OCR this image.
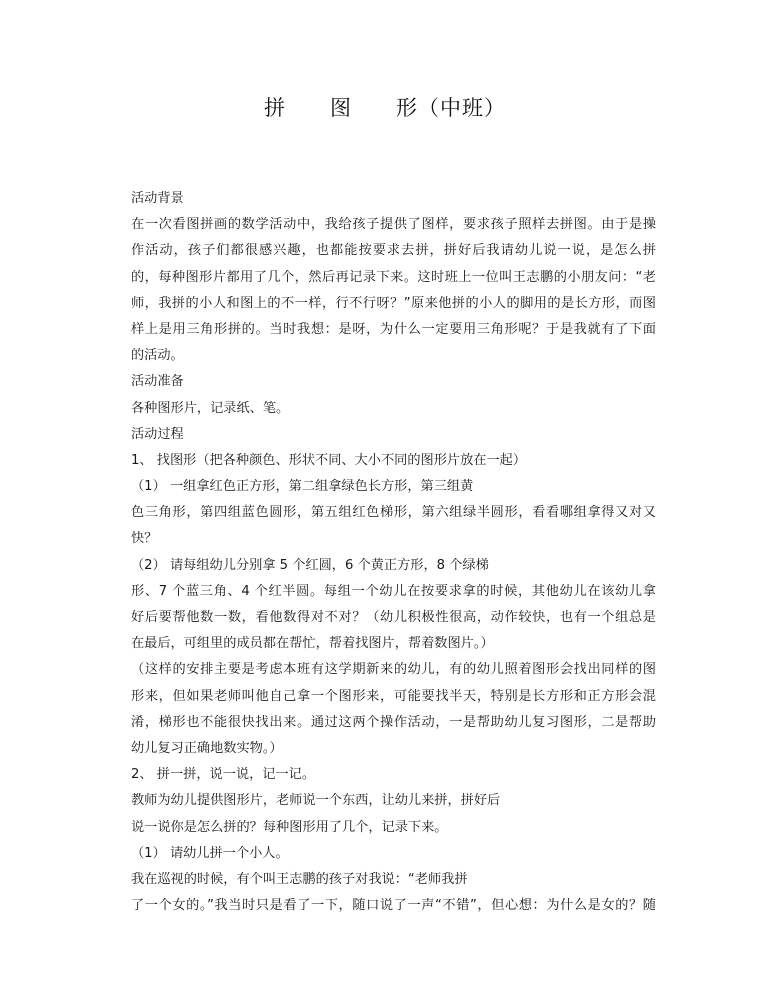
拼　　图　　形（中班）
活动背景
在一次看图拼画的数学活动中，我给孩子提供了图样，要求孩子照样去拼图。由于是操
作活动，孩子们都很感兴趣，也都能按要求去拼，拼好后我请幼儿说一说，是怎么拼
的，每种图形片都用了几个，然后再记录下来。这时班上一位叫王志鹏的小朋友问：“老
师，我拼的小人和图上的不一样，行不行呀？”原来他拼的小人的脚用的是长方形，而图
样上是用三角形拼的。当时我想：是呀，为什么一定要用三角形呢？于是我就有了下面
的活动。
活动准备
各种图形片，记录纸、笔。
活动过程
1、 找图形（把各种颜色、形状不同、大小不同的图形片放在一起）
（1） 一组拿红色正方形，第二组拿绿色长方形，第三组黄
色三角形，第四组蓝色圆形，第五组红色梯形，第六组绿半圆形，看看哪组拿得又对又
快？
（2） 请每组幼儿分别拿 5 个红圆，6 个黄正方形，8 个绿梯
形、7 个蓝三角、4 个红半圆。每组一个幼儿在按要求拿的时候，其他幼儿在该幼儿拿
好后要帮他数一数，看他数得对不对？（幼儿积极性很高，动作较快，也有一个组总是
在最后，可组里的成员都在帮忙，帮着找图片，帮着数图片。）
（这样的安排主要是考虑本班有这学期新来的幼儿，有的幼儿照着图形会找出同样的图
形来，但如果老师叫他自己拿一个图形来，可能要找半天，特别是长方形和正方形会混
淆，梯形也不能很快找出来。通过这两个操作活动，一是帮助幼儿复习图形，二是帮助
幼儿复习正确地数实物。）
2、 拼一拼，说一说，记一记。
教师为幼儿提供图形片，老师说一个东西，让幼儿来拼，拼好后
说一说你是怎么拼的？每种图形用了几个，记录下来。
（1） 请幼儿拼一个小人。
我在巡视的时候，有个叫王志鹏的孩子对我说：“老师我拼
了一个女的。”我当时只是看了一下，随口说了一声“不错”，但心想：为什么是女的？随
